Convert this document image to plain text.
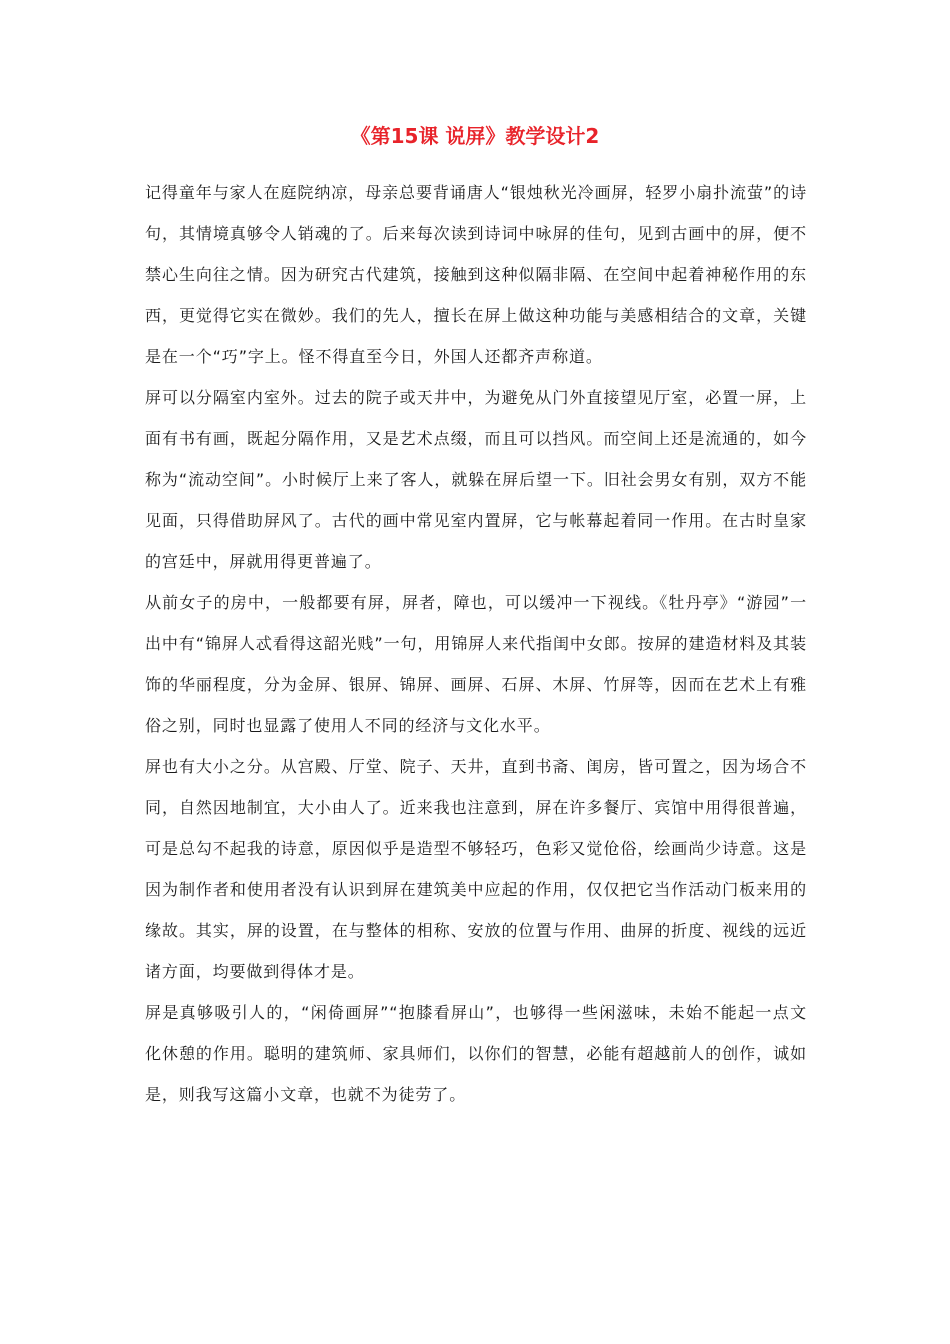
《第15课 说屏》教学设计2

记得童年与家人在庭院纳凉，母亲总要背诵唐人“银烛秋光冷画屏，轻罗小扇扑流萤”的诗句，其情境真够令人销魂的了。后来每次读到诗词中咏屏的佳句，见到古画中的屏，便不禁心生向往之情。因为研究古代建筑，接触到这种似隔非隔、在空间中起着神秘作用的东西，更觉得它实在微妙。我们的先人，擅长在屏上做这种功能与美感相结合的文章，关键是在一个“巧”字上。怪不得直至今日，外国人还都齐声称道。

屏可以分隔室内室外。过去的院子或天井中，为避免从门外直接望见厅室，必置一屏，上面有书有画，既起分隔作用，又是艺术点缀，而且可以挡风。而空间上还是流通的，如今称为“流动空间”。小时候厅上来了客人，就躲在屏后望一下。旧社会男女有别，双方不能见面，只得借助屏风了。古代的画中常见室内置屏，它与帐幕起着同一作用。在古时皇家的宫廷中，屏就用得更普遍了。

从前女子的房中，一般都要有屏，屏者，障也，可以缓冲一下视线。《牡丹亭》“游园”一出中有“锦屏人忒看得这韶光贱”一句，用锦屏人来代指闺中女郎。按屏的建造材料及其装饰的华丽程度，分为金屏、银屏、锦屏、画屏、石屏、木屏、竹屏等，因而在艺术上有雅俗之别，同时也显露了使用人不同的经济与文化水平。

屏也有大小之分。从宫殿、厅堂、院子、天井，直到书斋、闺房，皆可置之，因为场合不同，自然因地制宜，大小由人了。近来我也注意到，屏在许多餐厅、宾馆中用得很普遍，可是总勾不起我的诗意，原因似乎是造型不够轻巧，色彩又觉伧俗，绘画尚少诗意。这是因为制作者和使用者没有认识到屏在建筑美中应起的作用，仅仅把它当作活动门板来用的缘故。其实，屏的设置，在与整体的相称、安放的位置与作用、曲屏的折度、视线的远近诸方面，均要做到得体才是。

屏是真够吸引人的，“闲倚画屏”“抱膝看屏山”，也够得一些闲滋味，未始不能起一点文化休憩的作用。聪明的建筑师、家具师们，以你们的智慧，必能有超越前人的创作，诚如是，则我写这篇小文章，也就不为徒劳了。
